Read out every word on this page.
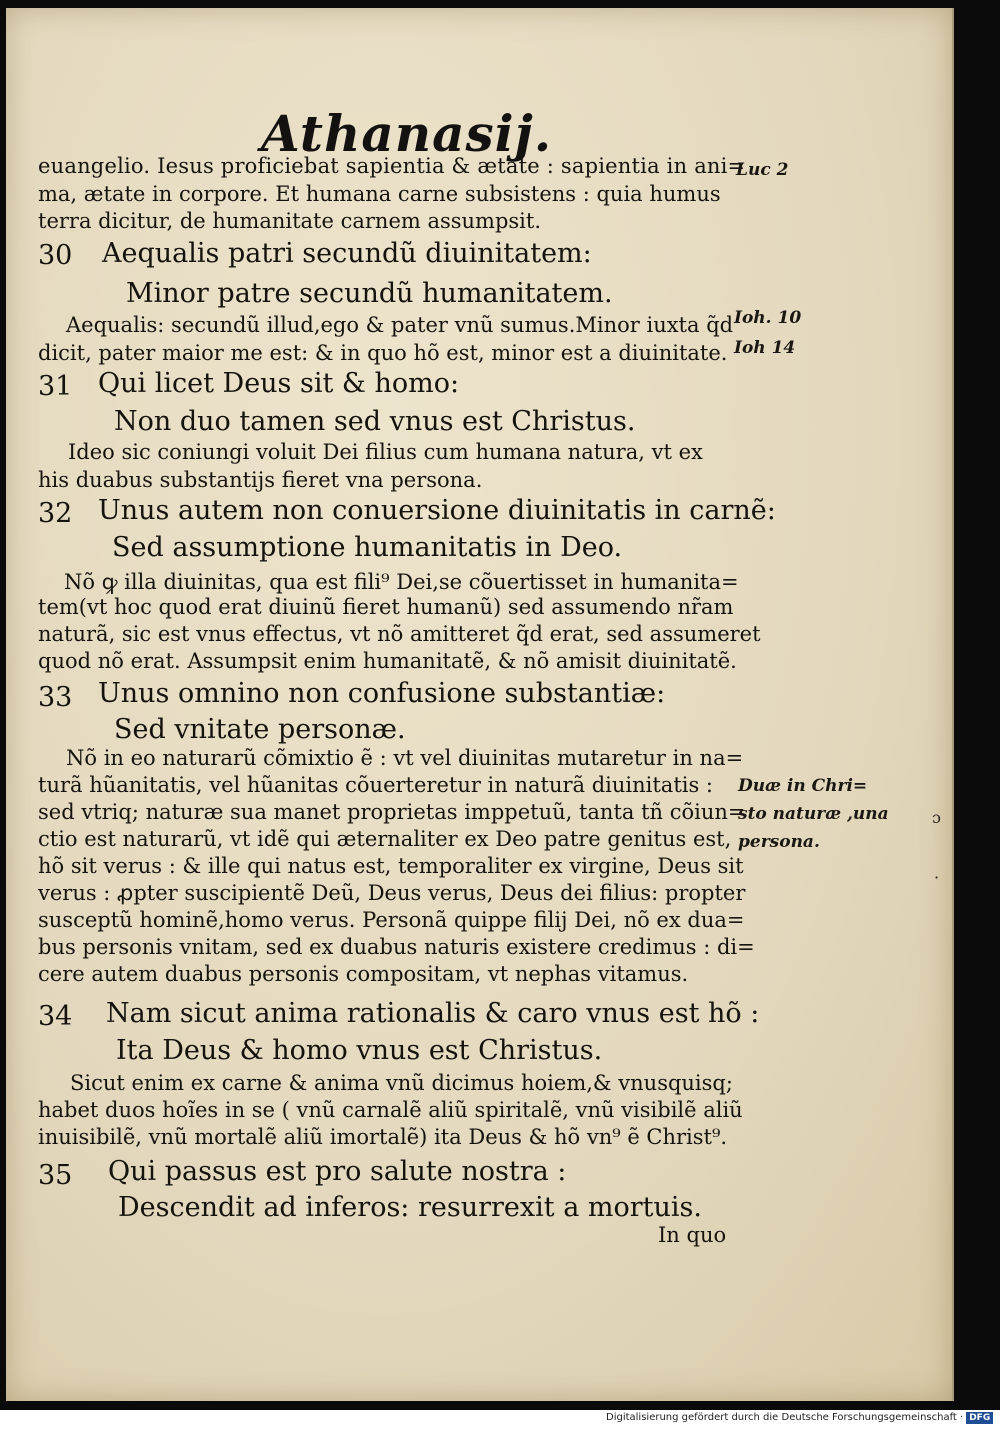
Athanasij.
euangelio. Iesus proficiebat sapientia & ætate : sapientia in ani=
ma, ætate in corpore. Et humana carne subsistens : quia humus
terra dicitur, de humanitate carnem assumpsit.
30 Aequalis patri secundũ diuinitatem:
Minor patre secundũ humanitatem.
Aequalis: secundũ illud,ego & pater vnũ sumus.Minor iuxta q̃d
dicit, pater maior me est: & in quo hõ est, minor est a diuinitate.
31 Qui licet Deus sit & homo:
Non duo tamen sed vnus est Christus.
Ideo sic coniungi voluit Dei filius cum humana natura, vt ex
his duabus substantijs fieret vna persona.
32 Unus autem non conuersione diuinitatis in carnẽ:
Sed assumptione humanitatis in Deo.
Nõ ꝙ illa diuinitas, qua est fili⁹ Dei,se cõuertisset in humanita=
tem(vt hoc quod erat diuinũ fieret humanũ) sed assumendo nr̃am
naturã, sic est vnus effectus, vt nõ amitteret q̃d erat, sed assumeret
quod nõ erat. Assumpsit enim humanitatẽ, & nõ amisit diuinitatẽ.
33 Unus omnino non confusione substantiæ:
Sed vnitate personæ.
Nõ in eo naturarũ cõmixtio ẽ : vt vel diuinitas mutaretur in na=
turã hũanitatis, vel hũanitas cõuerteretur in naturã diuinitatis :
sed vtriq; naturæ sua manet proprietas imppetuũ, tanta tñ cõiun=
ctio est naturarũ, vt idẽ qui æternaliter ex Deo patre genitus est,
hõ sit verus : & ille qui natus est, temporaliter ex virgine, Deus sit
verus : ꝓpter suscipientẽ Deũ, Deus verus, Deus dei filius: propter
susceptũ hominẽ,homo verus. Personã quippe filij Dei, nõ ex dua=
bus personis vnitam, sed ex duabus naturis existere credimus : di=
cere autem duabus personis compositam, vt nephas vitamus.
34 Nam sicut anima rationalis & caro vnus est hõ :
Ita Deus & homo vnus est Christus.
Sicut enim ex carne & anima vnũ dicimus hoiem,& vnusquisq;
habet duos hoĩes in se ( vnũ carnalẽ aliũ spiritalẽ, vnũ visibilẽ aliũ
inuisibilẽ, vnũ mortalẽ aliũ imortalẽ) ita Deus & hõ vn⁹ ẽ Christ⁹.
35 Qui passus est pro salute nostra :
Descendit ad inferos: resurrexit a mortuis.
In quo
Luc 2
Ioh. 10
Ioh 14
Duæ in Chri=
sto naturæ ,una
persona.
ɔ
·
Digitalisierung gefördert durch die Deutsche Forschungsgemeinschaft · DFG
